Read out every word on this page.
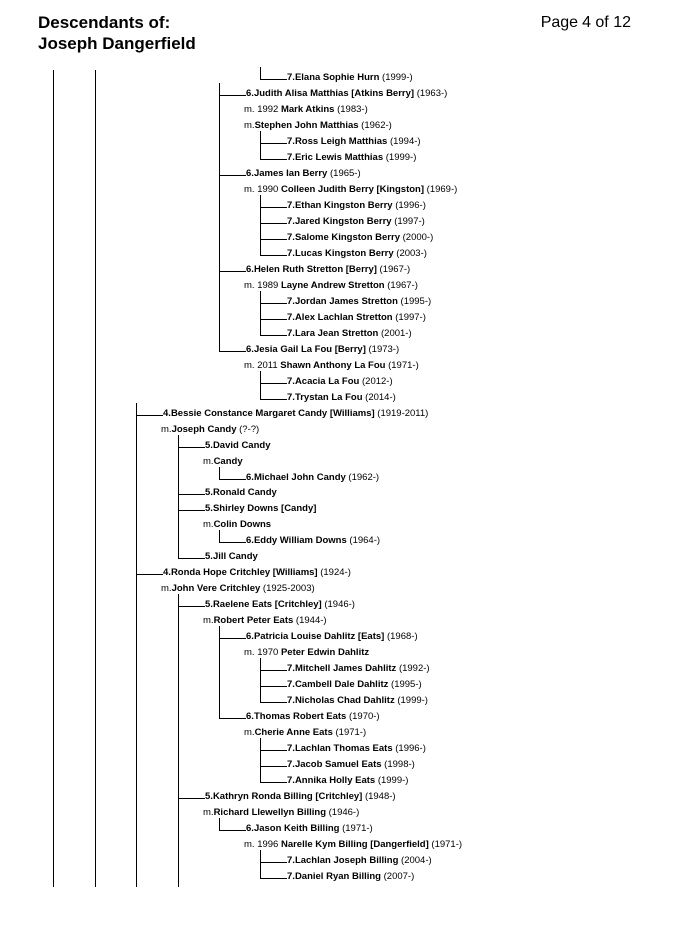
Descendants of:
Joseph Dangerfield
Page 4 of 12
7.Elana Sophie Hurn (1999-)
6.Judith Alisa Matthias [Atkins Berry] (1963-)
m. 1992 Mark Atkins (1983-)
m.Stephen John Matthias (1962-)
7.Ross Leigh Matthias (1994-)
7.Eric Lewis Matthias (1999-)
6.James Ian Berry (1965-)
m. 1990 Colleen Judith Berry [Kingston] (1969-)
7.Ethan Kingston Berry (1996-)
7.Jared Kingston Berry (1997-)
7.Salome Kingston Berry (2000-)
7.Lucas Kingston Berry (2003-)
6.Helen Ruth Stretton [Berry] (1967-)
m. 1989 Layne Andrew Stretton (1967-)
7.Jordan James Stretton (1995-)
7.Alex Lachlan Stretton (1997-)
7.Lara Jean Stretton (2001-)
6.Jesia Gail La Fou [Berry] (1973-)
m. 2011 Shawn Anthony La Fou (1971-)
7.Acacia La Fou (2012-)
7.Trystan La Fou (2014-)
4.Bessie Constance Margaret Candy [Williams] (1919-2011)
m.Joseph Candy (?-?)
5.David Candy
m.Candy
6.Michael John Candy (1962-)
5.Ronald Candy
5.Shirley Downs [Candy]
m.Colin Downs
6.Eddy William Downs (1964-)
5.Jill Candy
4.Ronda Hope Critchley [Williams] (1924-)
m.John Vere Critchley (1925-2003)
5.Raelene Eats [Critchley] (1946-)
m.Robert Peter Eats (1944-)
6.Patricia Louise Dahlitz [Eats] (1968-)
m. 1970 Peter Edwin Dahlitz
7.Mitchell James Dahlitz (1992-)
7.Cambell Dale Dahlitz (1995-)
7.Nicholas Chad Dahlitz (1999-)
6.Thomas Robert Eats (1970-)
m.Cherie Anne Eats (1971-)
7.Lachlan Thomas Eats (1996-)
7.Jacob Samuel Eats (1998-)
7.Annika Holly Eats (1999-)
5.Kathryn Ronda Billing [Critchley] (1948-)
m.Richard Llewellyn Billing (1946-)
6.Jason Keith Billing (1971-)
m. 1996 Narelle Kym Billing [Dangerfield] (1971-)
7.Lachlan Joseph Billing (2004-)
7.Daniel Ryan Billing (2007-)
